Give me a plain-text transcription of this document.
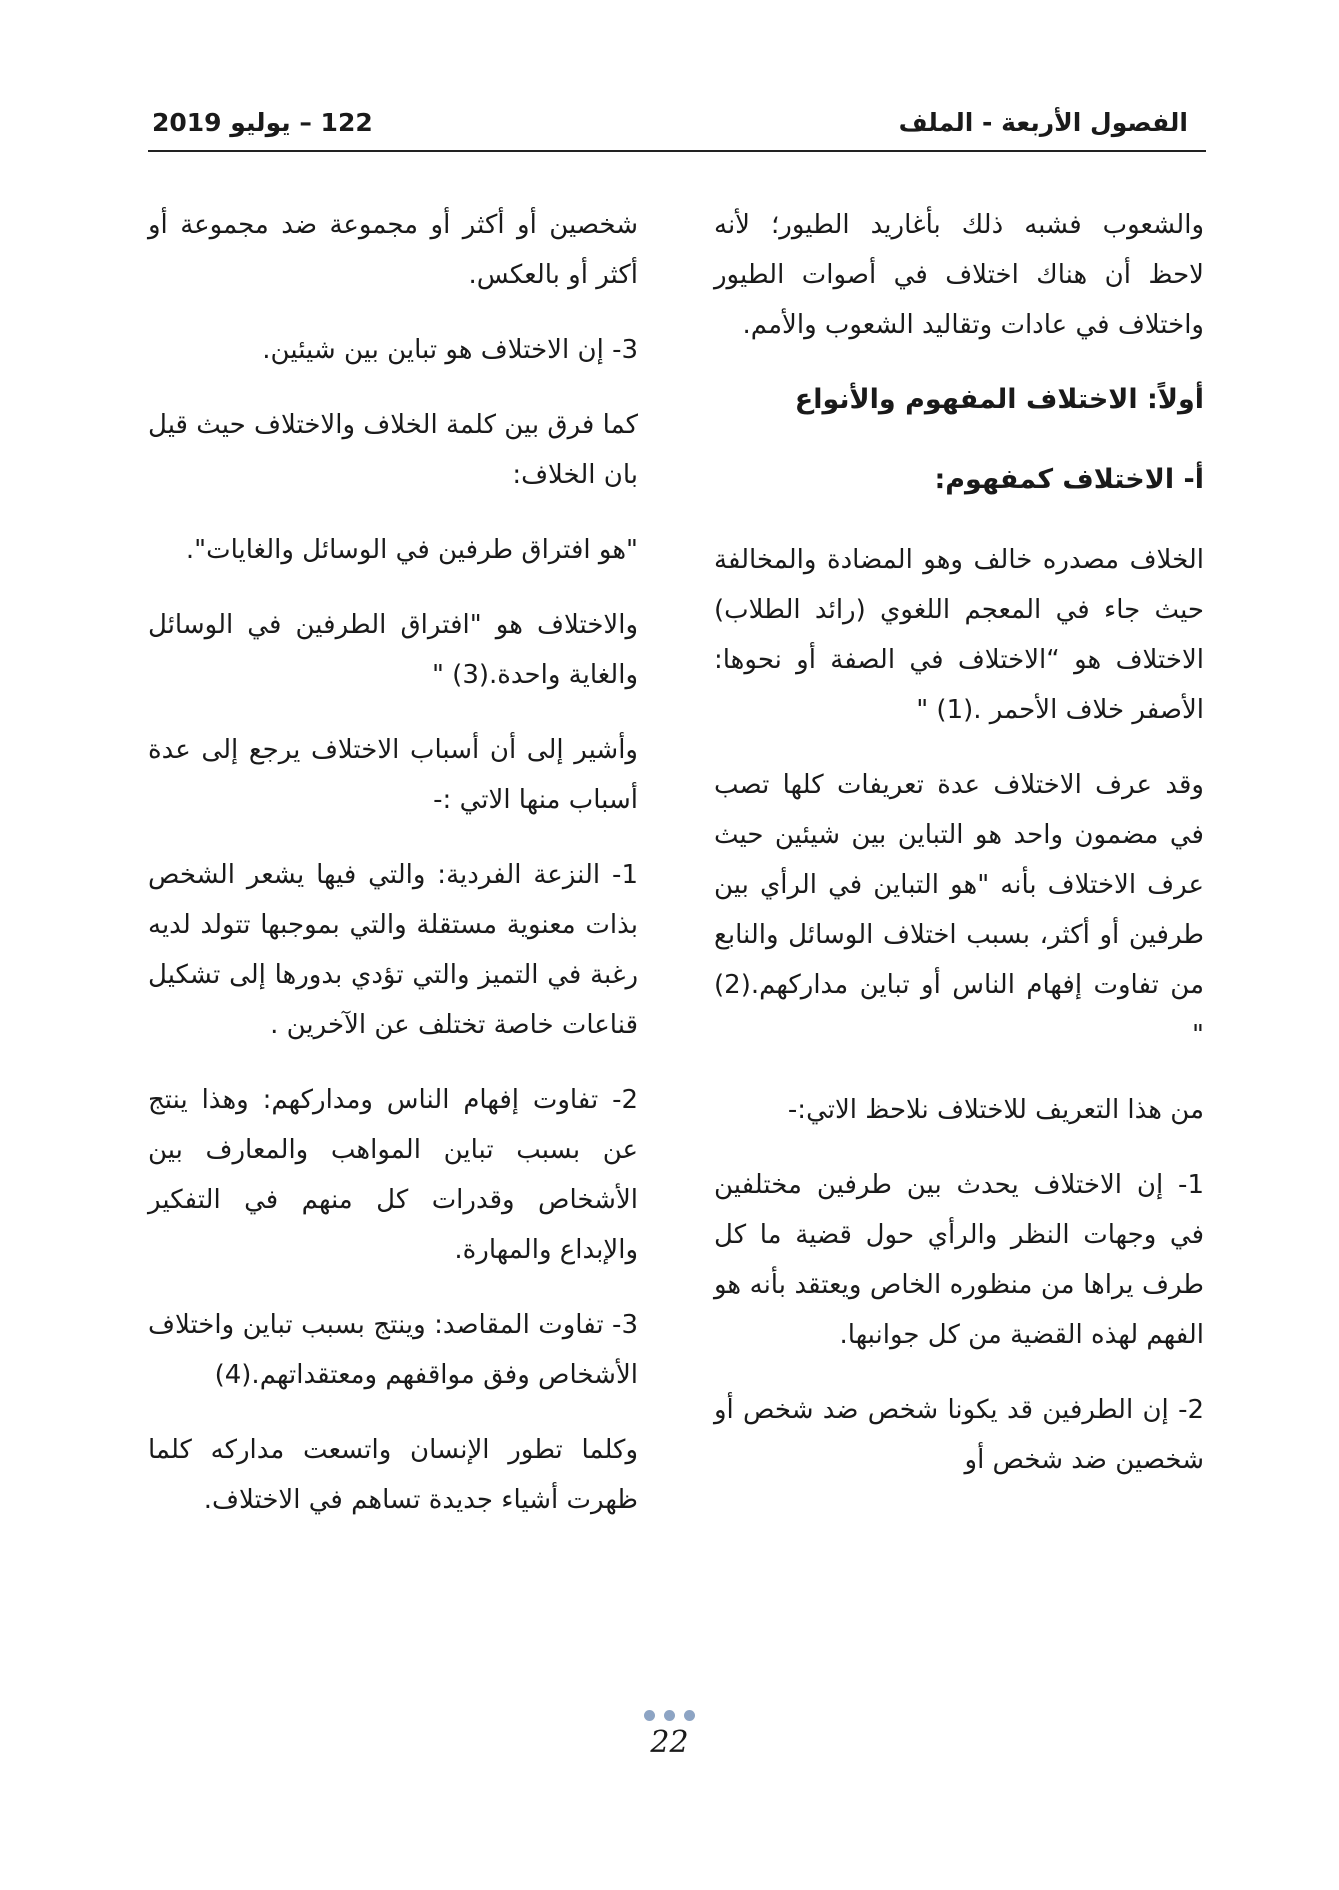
الفصول الأربعة - الملف
122 – يوليو 2019

والشعوب فشبه ذلك بأغاريد الطيور؛ لأنه لاحظ أن هناك اختلاف في أصوات الطيور واختلاف في عادات وتقاليد الشعوب والأمم.

أولاً: الاختلاف المفهوم والأنواع
أ- الاختلاف كمفهوم:

الخلاف مصدره خالف وهو المضادة والمخالفة حيث جاء في المعجم اللغوي (رائد الطلاب) الاختلاف هو “الاختلاف في الصفة أو نحوها: الأصفر خلاف الأحمر .(1) "

وقد عرف الاختلاف عدة تعريفات كلها تصب في مضمون واحد هو التباين بين شيئين حيث عرف الاختلاف بأنه "هو التباين في الرأي بين طرفين أو أكثر، بسبب اختلاف الوسائل والنابع من تفاوت إفهام الناس أو تباين مداركهم.(2) "

من هذا التعريف للاختلاف نلاحظ الاتي:-

1- إن الاختلاف يحدث بين طرفين مختلفين في وجهات النظر والرأي حول قضية ما كل طرف يراها من منظوره الخاص ويعتقد بأنه هو الفهم لهذه القضية من كل جوانبها.

2- إن الطرفين قد يكونا شخص ضد شخص أو شخصين ضد شخص أو

شخصين أو أكثر أو مجموعة ضد مجموعة أو أكثر أو بالعكس.

3- إن الاختلاف هو تباين بين شيئين.

كما فرق بين كلمة الخلاف والاختلاف حيث قيل بان الخلاف:

"هو افتراق طرفين في الوسائل والغايات".

والاختلاف هو "افتراق الطرفين في الوسائل والغاية واحدة.(3) "

وأشير إلى أن أسباب الاختلاف يرجع إلى عدة أسباب منها الاتي :-

1- النزعة الفردية: والتي فيها يشعر الشخص بذات معنوية مستقلة والتي بموجبها تتولد لديه رغبة في التميز والتي تؤدي بدورها إلى تشكيل قناعات خاصة تختلف عن الآخرين .

2- تفاوت إفهام الناس ومداركهم: وهذا ينتج عن بسبب تباين المواهب والمعارف بين الأشخاص وقدرات كل منهم في التفكير والإبداع والمهارة.

3- تفاوت المقاصد: وينتج بسبب تباين واختلاف الأشخاص وفق مواقفهم ومعتقداتهم.(4)

وكلما تطور الإنسان واتسعت مداركه كلما ظهرت أشياء جديدة تساهم في الاختلاف.

22
